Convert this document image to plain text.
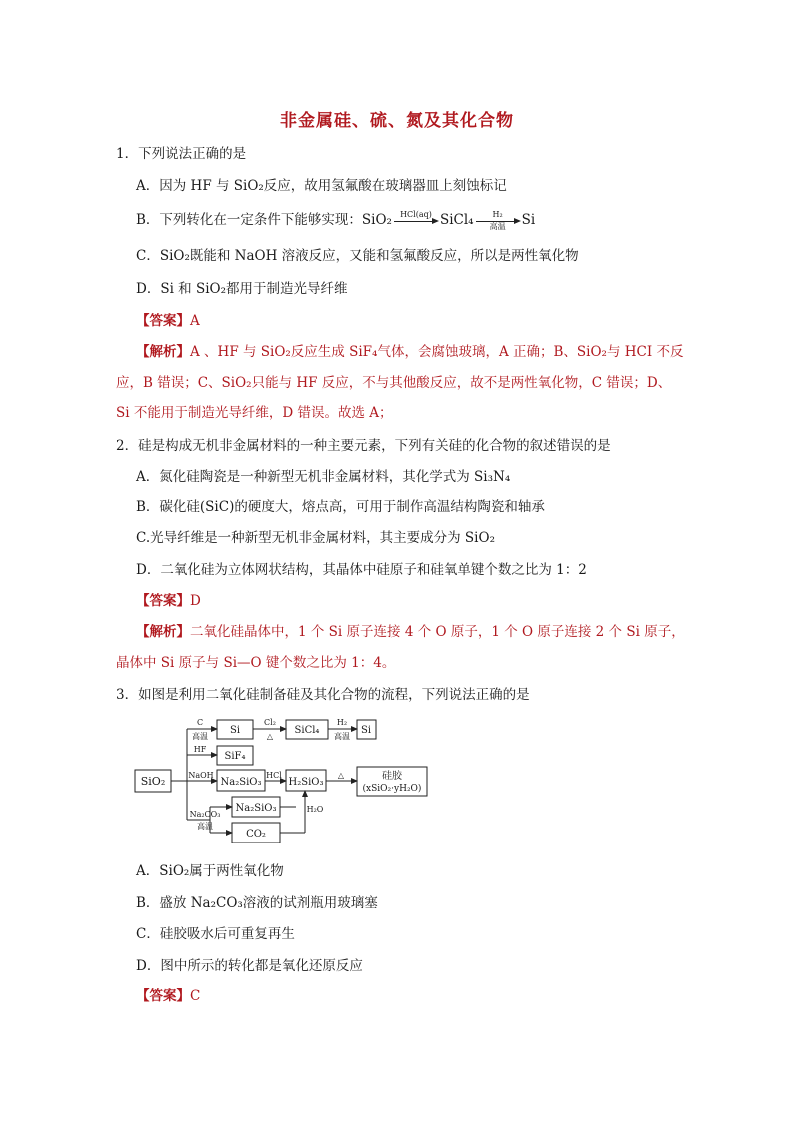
非金属硅、硫、氮及其化合物
1．下列说法正确的是
A．因为 HF 与 SiO₂反应，故用氢氟酸在玻璃器皿上刻蚀标记
B．下列转化在一定条件下能够实现：SiO₂	HCl(aq) SiCl₄	H₂
高温	Si
C．SiO₂既能和 NaOH 溶液反应，又能和氢氟酸反应，所以是两性氧化物
D．Si 和 SiO₂都用于制造光导纤维
【答案】A
【解析】A 、HF 与 SiO₂反应生成 SiF₄气体，会腐蚀玻璃，A 正确；B、SiO₂与 HCI 不反
应，B 错误；C、SiO₂只能与 HF 反应，不与其他酸反应，故不是两性氧化物，C 错误；D、
Si 不能用于制造光导纤维，D 错误。故选 A；
2．硅是构成无机非金属材料的一种主要元素，下列有关硅的化合物的叙述错误的是
A．氮化硅陶瓷是一种新型无机非金属材料，其化学式为 Si₃N₄
B．碳化硅(SiC)的硬度大，熔点高，可用于制作高温结构陶瓷和轴承
C.光导纤维是一种新型无机非金属材料，其主要成分为 SiO₂
D．二氧化硅为立体网状结构，其晶体中硅原子和硅氧单键个数之比为 1：2
【答案】D
【解析】二氧化硅晶体中，1 个 Si 原子连接 4 个 O 原子，1 个 O 原子连接 2 个 Si 原子，
晶体中 Si 原子与 Si—O 键个数之比为 1：4。
3．如图是利用二氧化硅制备硅及其化合物的流程，下列说法正确的是
SiO₂
Si	SiCl₄	Si
SiF₄
Na₂SiO₃	H₂SiO₃
硅胶
(xSiO₂·yH₂O)
Na₂SiO₃
CO₂
C
高温
Cl₂
△
H₂
高温
HF
NaOH	HCl	△
Na₂CO₃
高温
H₂O
A．SiO₂属于两性氧化物
B．盛放 Na₂CO₃溶液的试剂瓶用玻璃塞
C．硅胶吸水后可重复再生
D．图中所示的转化都是氧化还原反应
【答案】C
